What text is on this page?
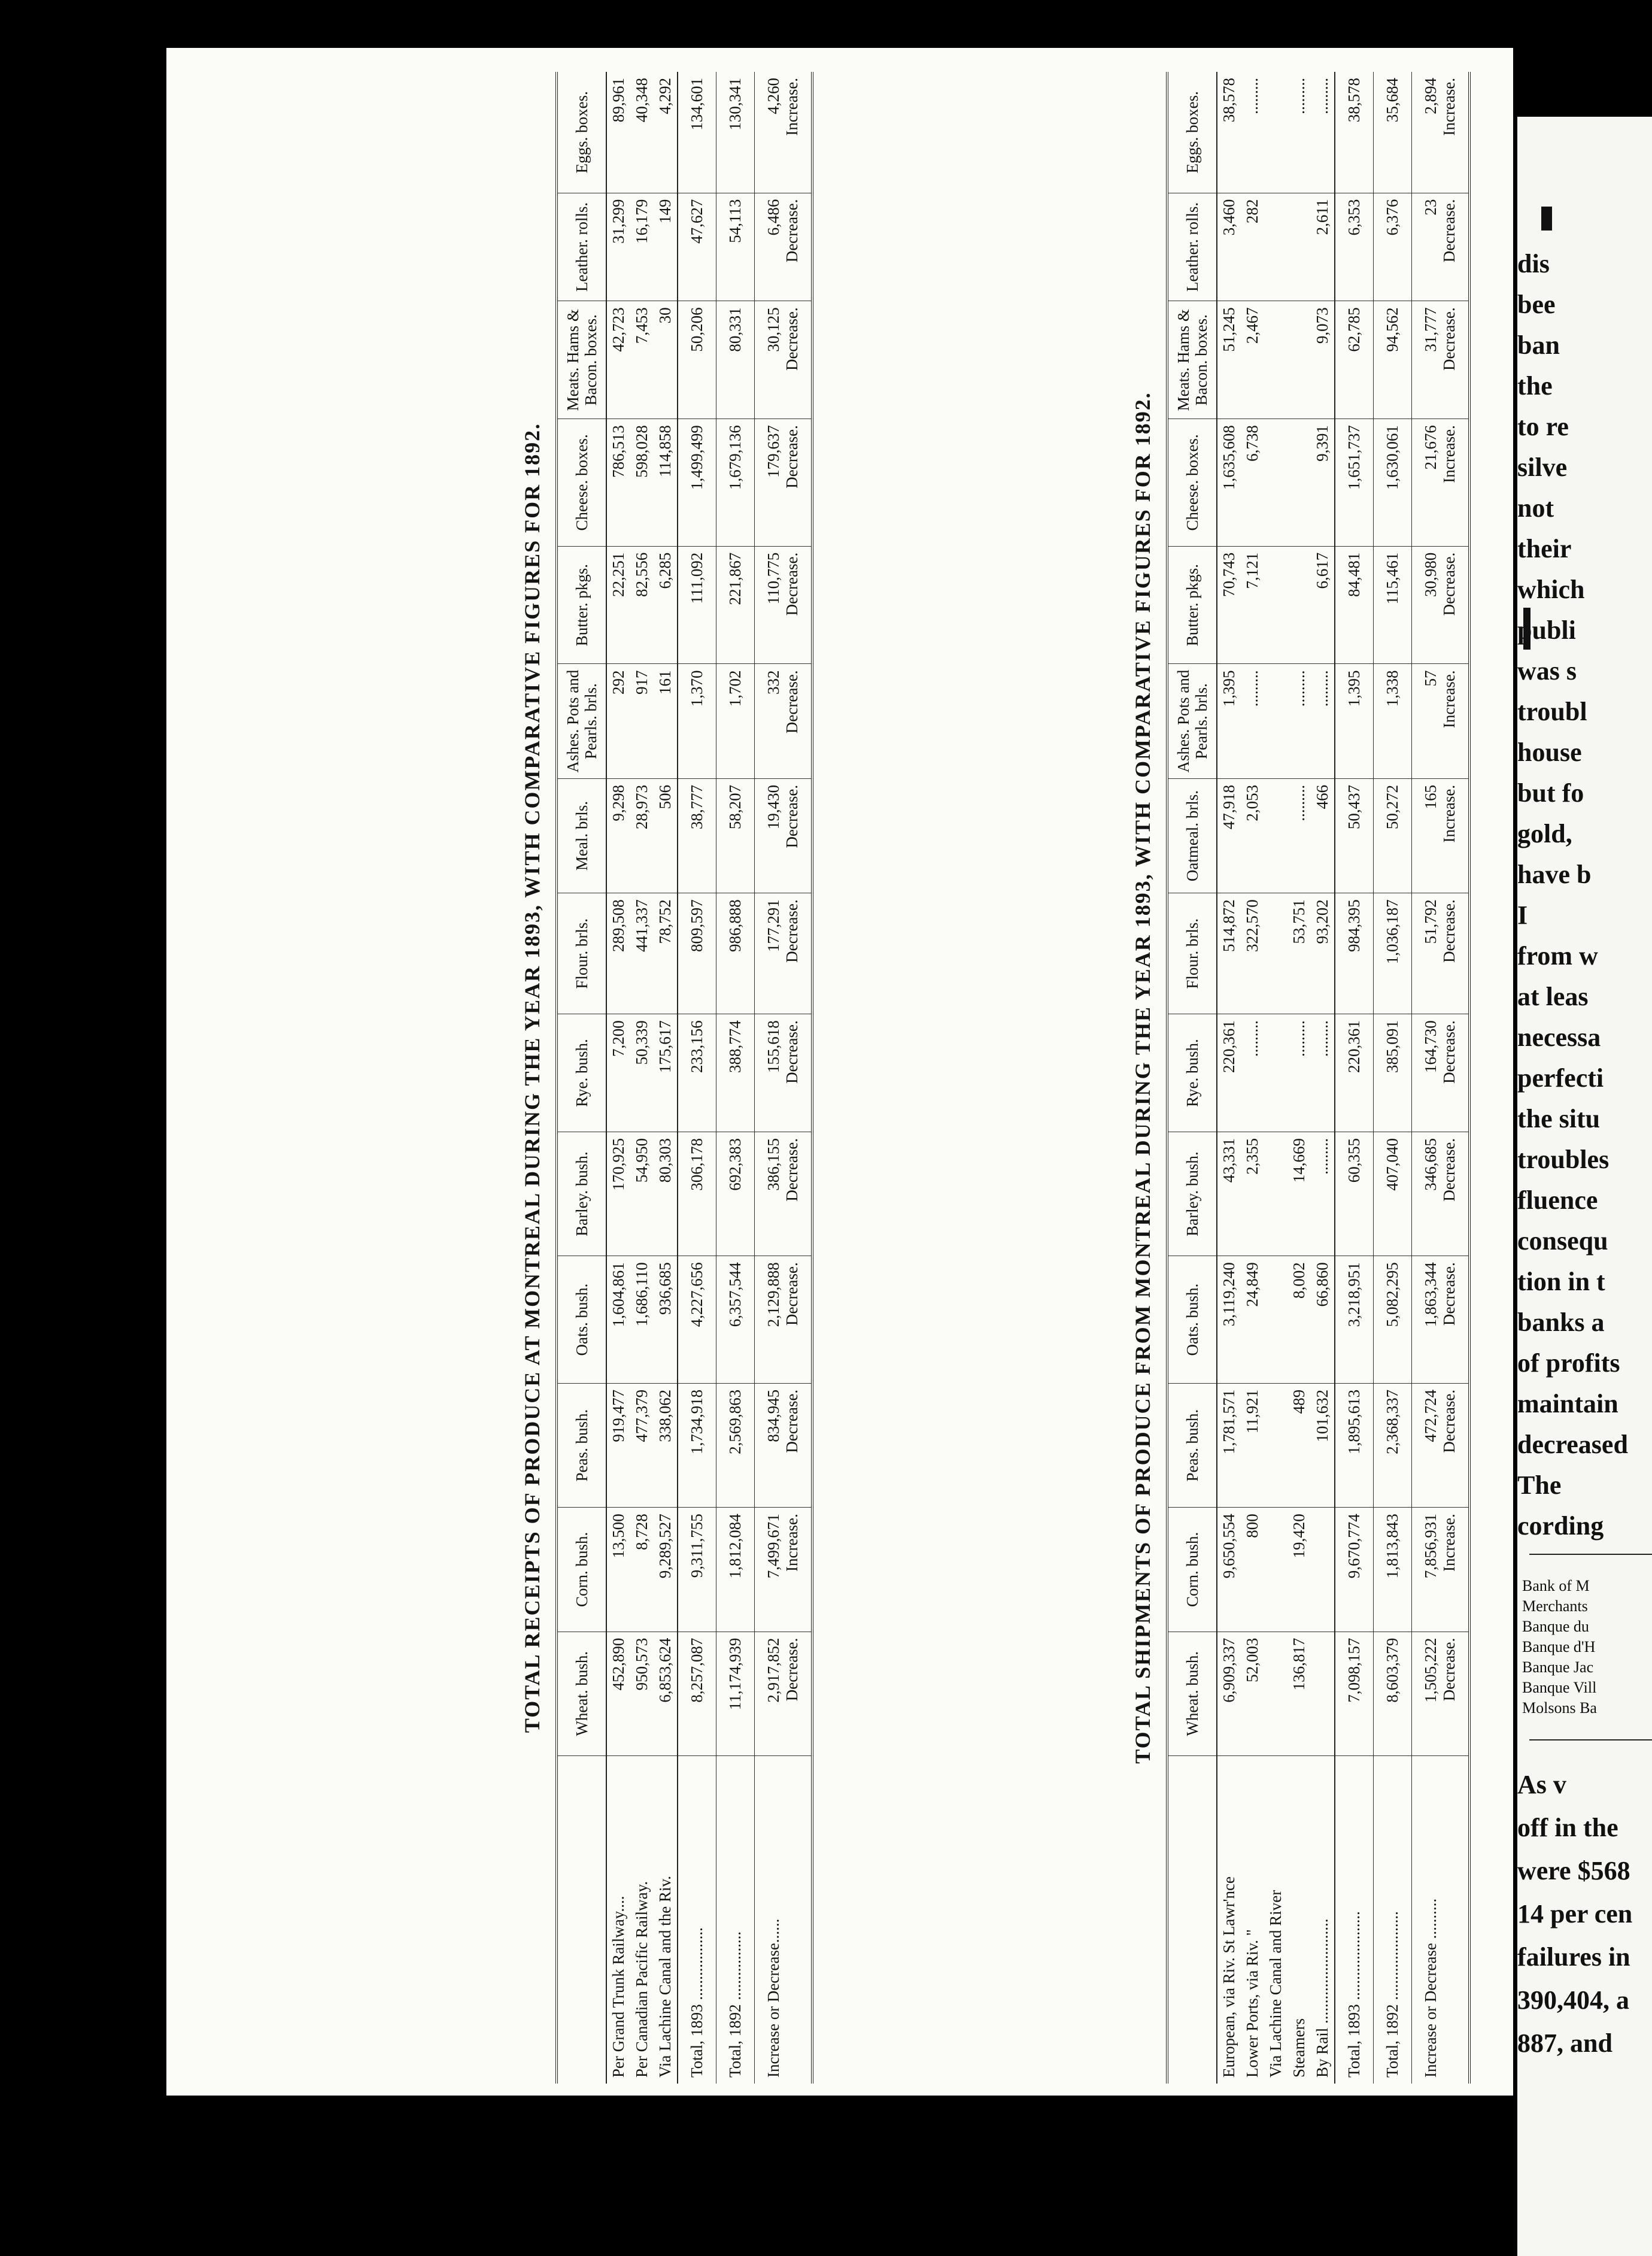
TOTAL RECEIPTS OF PRODUCE AT MONTREAL DURING THE YEAR 1893, WITH COMPARATIVE FIGURES FOR 1892.
	Wheat. bush.	Corn. bush.	Peas. bush.	Oats. bush.	Barley. bush.	Rye. bush.	Flour. brls.	Meal. brls.	Ashes. Pots and Pearls. brls.	Butter. pkgs.	Cheese. boxes.	Meats. Hams & Bacon. boxes.	Leather. rolls.	Eggs. boxes.
Per Grand Trunk Railway....	452,890	13,500	919,477	1,604,861	170,925	7,200	289,508	9,298	292	22,251	786,513	42,723	31,299	89,961

Per Canadian Pacific Railway.	950,573	8,728	477,379	1,686,110	54,950	50,339	441,337	28,973	917	82,556	598,028	7,453	16,179	40,348

Via Lachine Canal and the Riv.	6,853,624	9,289,527	338,062	936,685	80,303	175,617	78,752	506	161	6,285	114,858	30	149	4,292

Total, 1893 ..................	8,257,087	9,311,755	1,734,918	4,227,656	306,178	233,156	809,597	38,777	1,370	111,092	1,499,499	50,206	47,627	134,601

Total, 1892 .................	11,174,939	1,812,084	2,569,863	6,357,544	692,383	388,774	986,888	58,207	1,702	221,867	1,679,136	80,331	54,113	130,341

Increase or Decrease......	2,917,852 Decrease.	7,499,671 Increase.	834,945 Decrease.	2,129,888 Decrease.	386,155 Decrease.	155,618 Decrease.	177,291 Decrease.	19,430 Decrease.	332 Decrease.	110,775 Decrease.	179,637 Decrease.	30,125 Decrease.	6,486 Decrease.	4,260 Increase.
TOTAL SHIPMENTS OF PRODUCE FROM MONTREAL DURING THE YEAR 1893, WITH COMPARATIVE FIGURES FOR 1892.
	Wheat. bush.	Corn. bush.	Peas. bush.	Oats. bush.	Barley. bush.	Rye. bush.	Flour. brls.	Oatmeal. brls.	Ashes. Pots and Pearls. brls.	Butter. pkgs.	Cheese. boxes.	Meats. Hams & Bacon. boxes.	Leather. rolls.	Eggs. boxes.
European, via Riv. St Lawr'nce	6,909,337	9,650,554	1,781,571	3,119,240	43,331	220,361	514,872	47,918	1,395	70,743	1,635,608	51,245	3,460	38,578

Lower Ports, via Riv. "	52,003	800	11,921	24,849	2,355	.........	322,570	2,053	.........	7,121	6,738	2,467	282	.........

Via Lachine Canal and River	

Steamers	136,817	19,420	489	8,002	14,669	.........	53,751	.........	.........					.........

By Rail ..........................			101,632	66,860	.........	.........	93,202	466	.........	6,617	9,391	9,073	2,611	.........

Total, 1893 ......................	7,098,157	9,670,774	1,895,613	3,218,951	60,355	220,361	984,395	50,437	1,395	84,481	1,651,737	62,785	6,353	38,578

Total, 1892 ......................	8,603,379	1,813,843	2,368,337	5,082,295	407,040	385,091	1,036,187	50,272	1,338	115,461	1,630,061	94,562	6,376	35,684

Increase or Decrease ..........	1,505,222 Decrease.	7,856,931 Increase.	472,724 Decrease.	1,863,344 Decrease.	346,685 Decrease.	164,730 Decrease.	51,792 Decrease.	165 Increase.	57 Increase.	30,980 Decrease.	21,676 Increase.	31,777 Decrease.	23 Decrease.	2,894 Increase.
dis
bee
ban
the
to re
silve
not
their
which
publi
was s
troubl
house
but fo
gold,
have b
I
from w
at leas
necessa
perfecti
the situ
troubles
fluence
consequ
tion in t
banks a
of profits
maintain
decreased
The
cording
Bank of M
Merchants
Banque du
Banque d'H
Banque Jac
Banque Vill
Molsons Ba
As v
off in the
were $568
14 per cen
failures in
390,404, a
887, and
